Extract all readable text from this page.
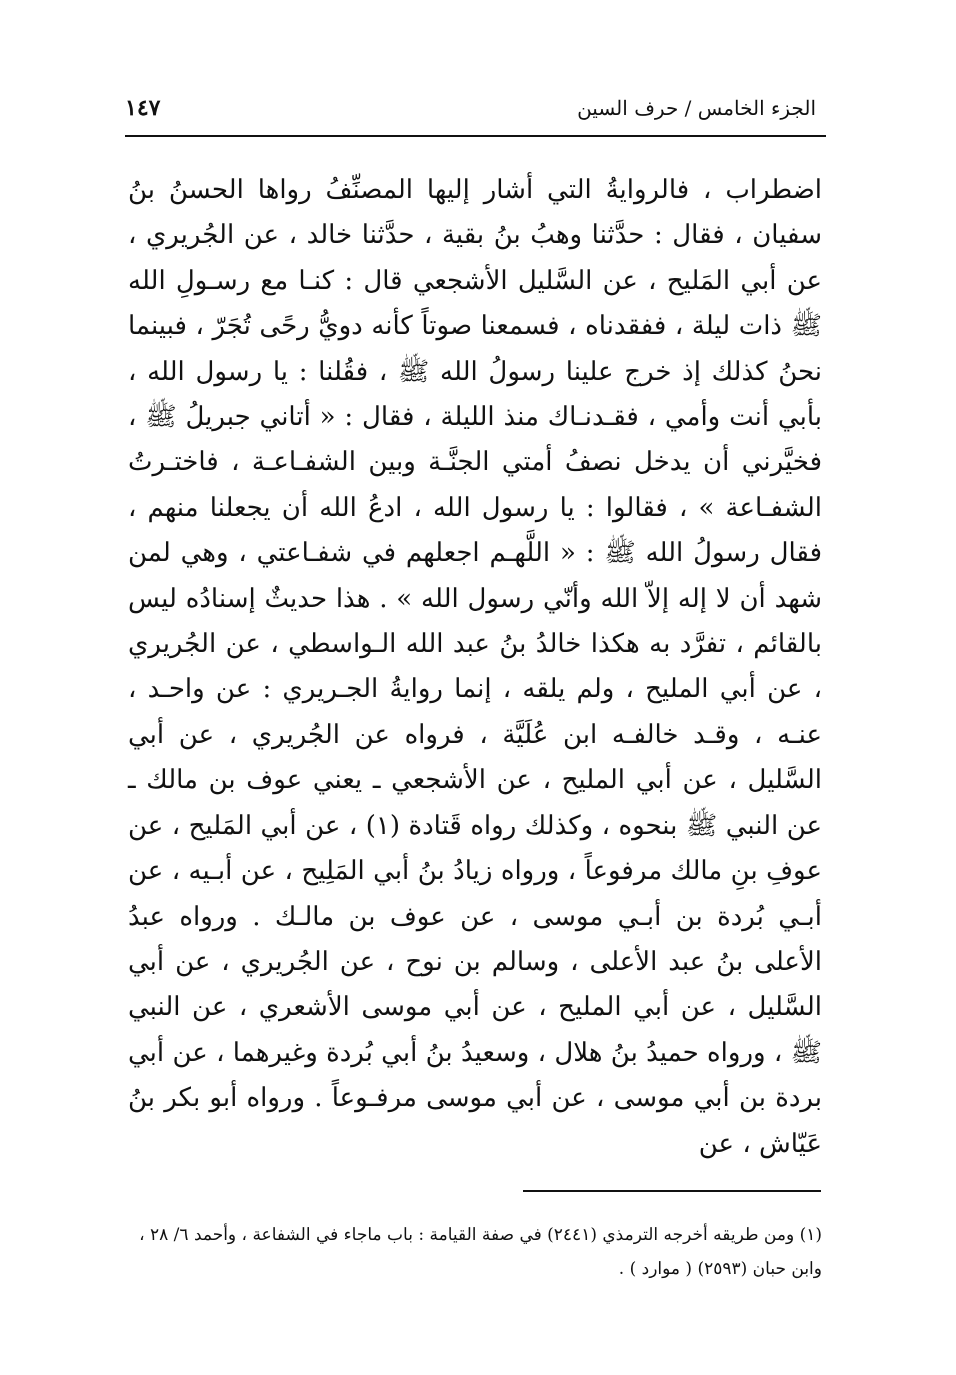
١٤٧	الجزء الخامس / حرف السين

اضطراب ، فالروايةُ التي أشار إليها المصنِّفُ رواها الحسنُ بنُ سفيان ، فقال : حدَّثنا وهبُ بنُ بقية ، حدَّثنا خالد ، عن الجُريري ، عن أبي المَليح ، عن السَّليل الأشجعي قال : كنـا مع رسـولِ الله ﷺ ذات ليلة ، ففقدناه ، فسمعنا صوتاً كأنه دويُّ رحًى تُجَرّ ، فبينما نحنُ كذلك إذ خرج علينا رسولُ الله ﷺ ، فقُلنا : يا رسول الله ، بأبي أنت وأمي ، فقـدنـاك منذ الليلة ، فقال : « أتاني جبريلُ ﷺ ، فخيَّرني أن يدخل نصفُ أمتي الجنَّـة وبين الشفـاعـة ، فاختـرتُ الشفـاعة » ، فقالوا : يا رسول الله ، ادعُ الله أن يجعلنا منهم ، فقال رسولُ الله ﷺ : « اللَّهـم اجعلهم في شفـاعتي ، وهي لمن شهد أن لا إله إلاّ الله وأنّي رسول الله » . هذا حديثٌ إسنادُه ليس بالقائم ، تفرَّد به هكذا خالدُ بنُ عبد الله الـواسطي ، عن الجُريري ، عن أبي المليح ، ولم يلقه ، إنما روايةُ الجـريري : عن واحـد ، عنـه ، وقـد خالفـه ابن عُلَيَّة ، فرواه عن الجُريري ، عن أبي السَّليل ، عن أبي المليح ، عن الأشجعي ـ يعني عوف بن مالك ـ عن النبي ﷺ بنحوه ، وكذلك رواه قَتادة (١) ، عن أبي المَليح ، عن عوفِ بنِ مالك مرفوعاً ، ورواه زيادُ بنُ أبي المَلِيح ، عن أبـيه ، عن أبـي بُردة بن أبـي موسى ، عن عوف بن مالـك . ورواه عبدُ الأعلى بنُ عبد الأعلى ، وسالم بن نوح ، عن الجُريري ، عن أبي السَّليل ، عن أبي المليح ، عن أبي موسى الأشعري ، عن النبي ﷺ ، ورواه حميدُ بنُ هلال ، وسعيدُ بنُ أبي بُردة وغيرهما ، عن أبي بردة بن أبي موسى ، عن أبي موسى مرفـوعاً . ورواه أبو بكر بنُ عَيّاش ، عن

(١) ومن طريقه أخرجه الترمذي (٢٤٤١) في صفة القيامة : باب ماجاء في الشفاعة ، وأحمد ٦/ ٢٨ ، وابن حبان (٢٥٩٣) ( موارد ) .
